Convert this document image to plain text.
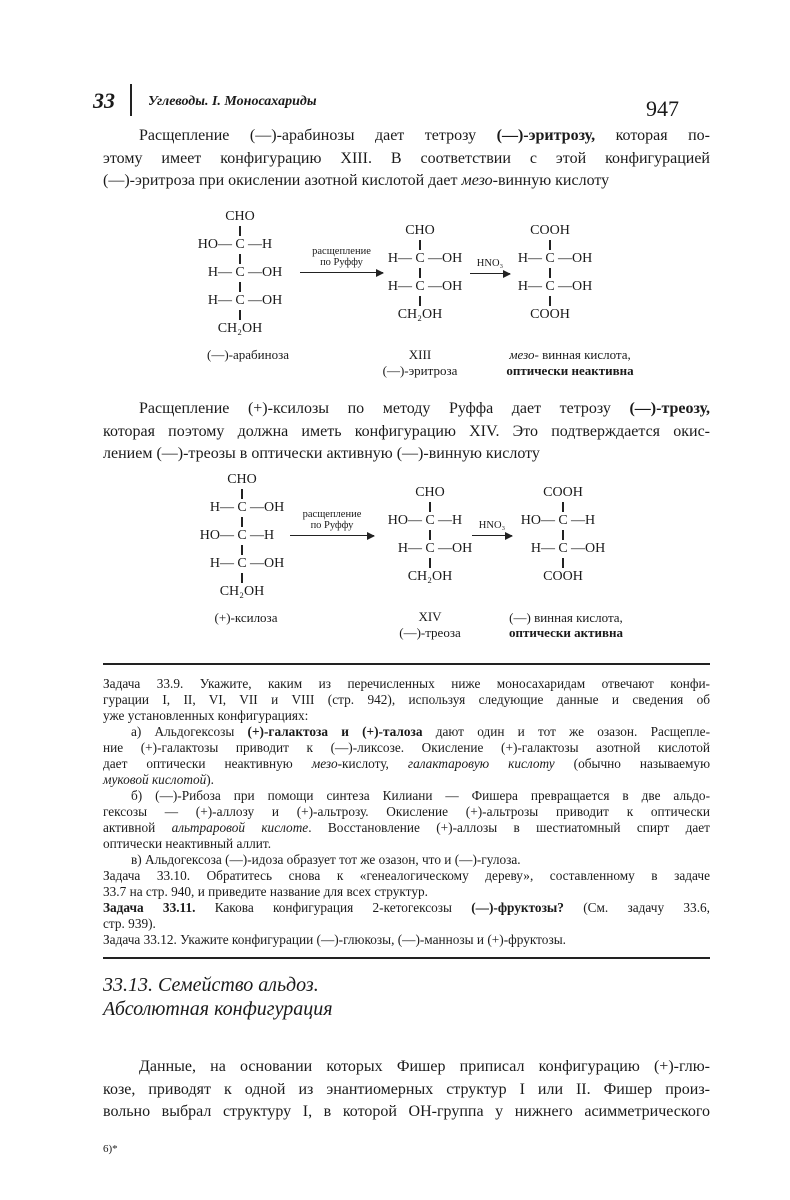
33 Углеводы. I. Моносахариды	947
Расщепление (—)-арабинозы дает тетрозу (—)-эритрозу, которая по-
этому имеет конфигурацию XIII. В соответствии с этой конфигурацией
(—)-эритроза при окислении азотной кислотой дает мезо-винную кислоту
CHO
HO— C —H
H— C —OH
H— C —OH
CH₂OH
(—)-арабиноза
CHO
H— C —OH
H— C —OH
CH₂OH
XIII
(—)-эритроза
COOH
H— C —OH
H— C —OH
COOH
мезо- винная кислота,
оптически неактивна
расщепление
по Руффу	HNO₃
Расщепление (+)-ксилозы по методу Руффа дает тетрозу (—)-треозу,
которая поэтому должна иметь конфигурацию XIV. Это подтверждается окис-
лением (—)-треозы в оптически активную (—)-винную кислоту
CHO
H— C —OH
HO— C —H
H— C —OH
CH₂OH
(+)-ксилоза
CHO
HO— C —H
H— C —OH
CH₂OH
XIV
(—)-треоза
COOH
HO— C —H
H— C —OH
COOH
(—) винная кислота,
оптически активна
расщепление
по Руффу	HNO₃
Задача 33.9. Укажите, каким из перечисленных ниже моносахаридам отвечают конфи-
гурации I, II, VI, VII и VIII (стр. 942), используя следующие данные и сведения об
уже установленных конфигурациях:
а) Альдогексозы (+)-галактоза и (+)-талоза дают один и тот же озазон. Расщепле-
ние (+)-галактозы приводит к (—)-ликсозе. Окисление (+)-галактозы азотной кислотой
дает оптически неактивную мезо-кислоту, галактаровую кислоту (обычно называемую
муковой кислотой).
б) (—)-Рибоза при помощи синтеза Килиани — Фишера превращается в две альдо-
гексозы — (+)-аллозу и (+)-альтрозу. Окисление (+)-альтрозы приводит к оптически
активной альтраровой кислоте. Восстановление (+)-аллозы в шестиатомный спирт дает
оптически неактивный аллит.
в) Альдогексоза (—)-идоза образует тот же озазон, что и (—)-гулоза.
Задача 33.10. Обратитесь снова к «генеалогическому дереву», составленному в задаче
33.7 на стр. 940, и приведите название для всех структур.
Задача 33.11. Какова конфигурация 2-кетогексозы (—)-фруктозы? (См. задачу 33.6,
стр. 939).
Задача 33.12. Укажите конфигурации (—)-глюкозы, (—)-маннозы и (+)-фруктозы.
33.13. Семейство альдоз.
Абсолютная конфигурация
Данные, на основании которых Фишер приписал конфигурацию (+)-глю-
козе, приводят к одной из энантиомерных структур I или II. Фишер произ-
вольно выбрал структуру I, в которой OH-группа у нижнего асимметрического
6)*
